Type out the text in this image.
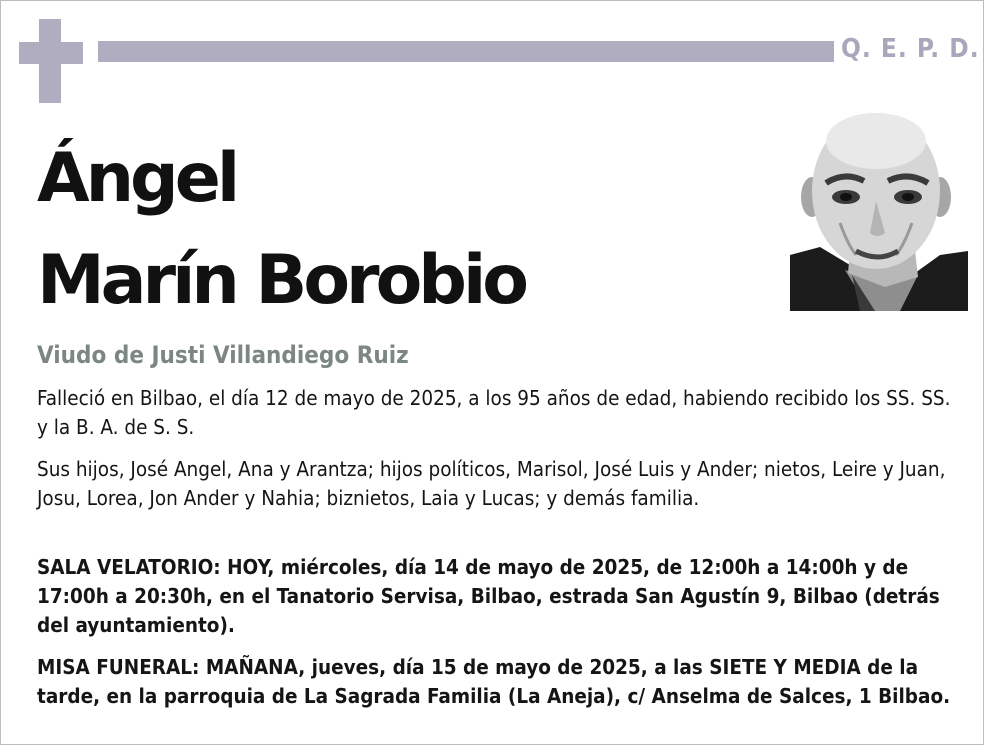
Q. E. P. D.
Ángel
Marín Borobio
Viudo de Justi Villandiego Ruiz
Falleció en Bilbao, el día 12 de mayo de 2025, a los 95 años de edad, habiendo recibido los SS. SS. y la B. A. de S. S.
Sus hijos, José Angel, Ana y Arantza; hijos políticos, Marisol, José Luis y Ander; nietos, Leire y Juan, Josu, Lorea, Jon Ander y Nahia; biznietos, Laia y Lucas; y demás familia.
SALA VELATORIO: HOY, miércoles, día 14 de mayo de 2025, de 12:00h a 14:00h y de 17:00h a 20:30h, en el Tanatorio Servisa, Bilbao, estrada San Agustín 9, Bilbao (detrás del ayuntamiento).
MISA FUNERAL: MAÑANA, jueves, día 15 de mayo de 2025, a las SIETE Y MEDIA de la tarde, en la parroquia de La Sagrada Familia (La Aneja), c/ Anselma de Salces, 1 Bilbao.
